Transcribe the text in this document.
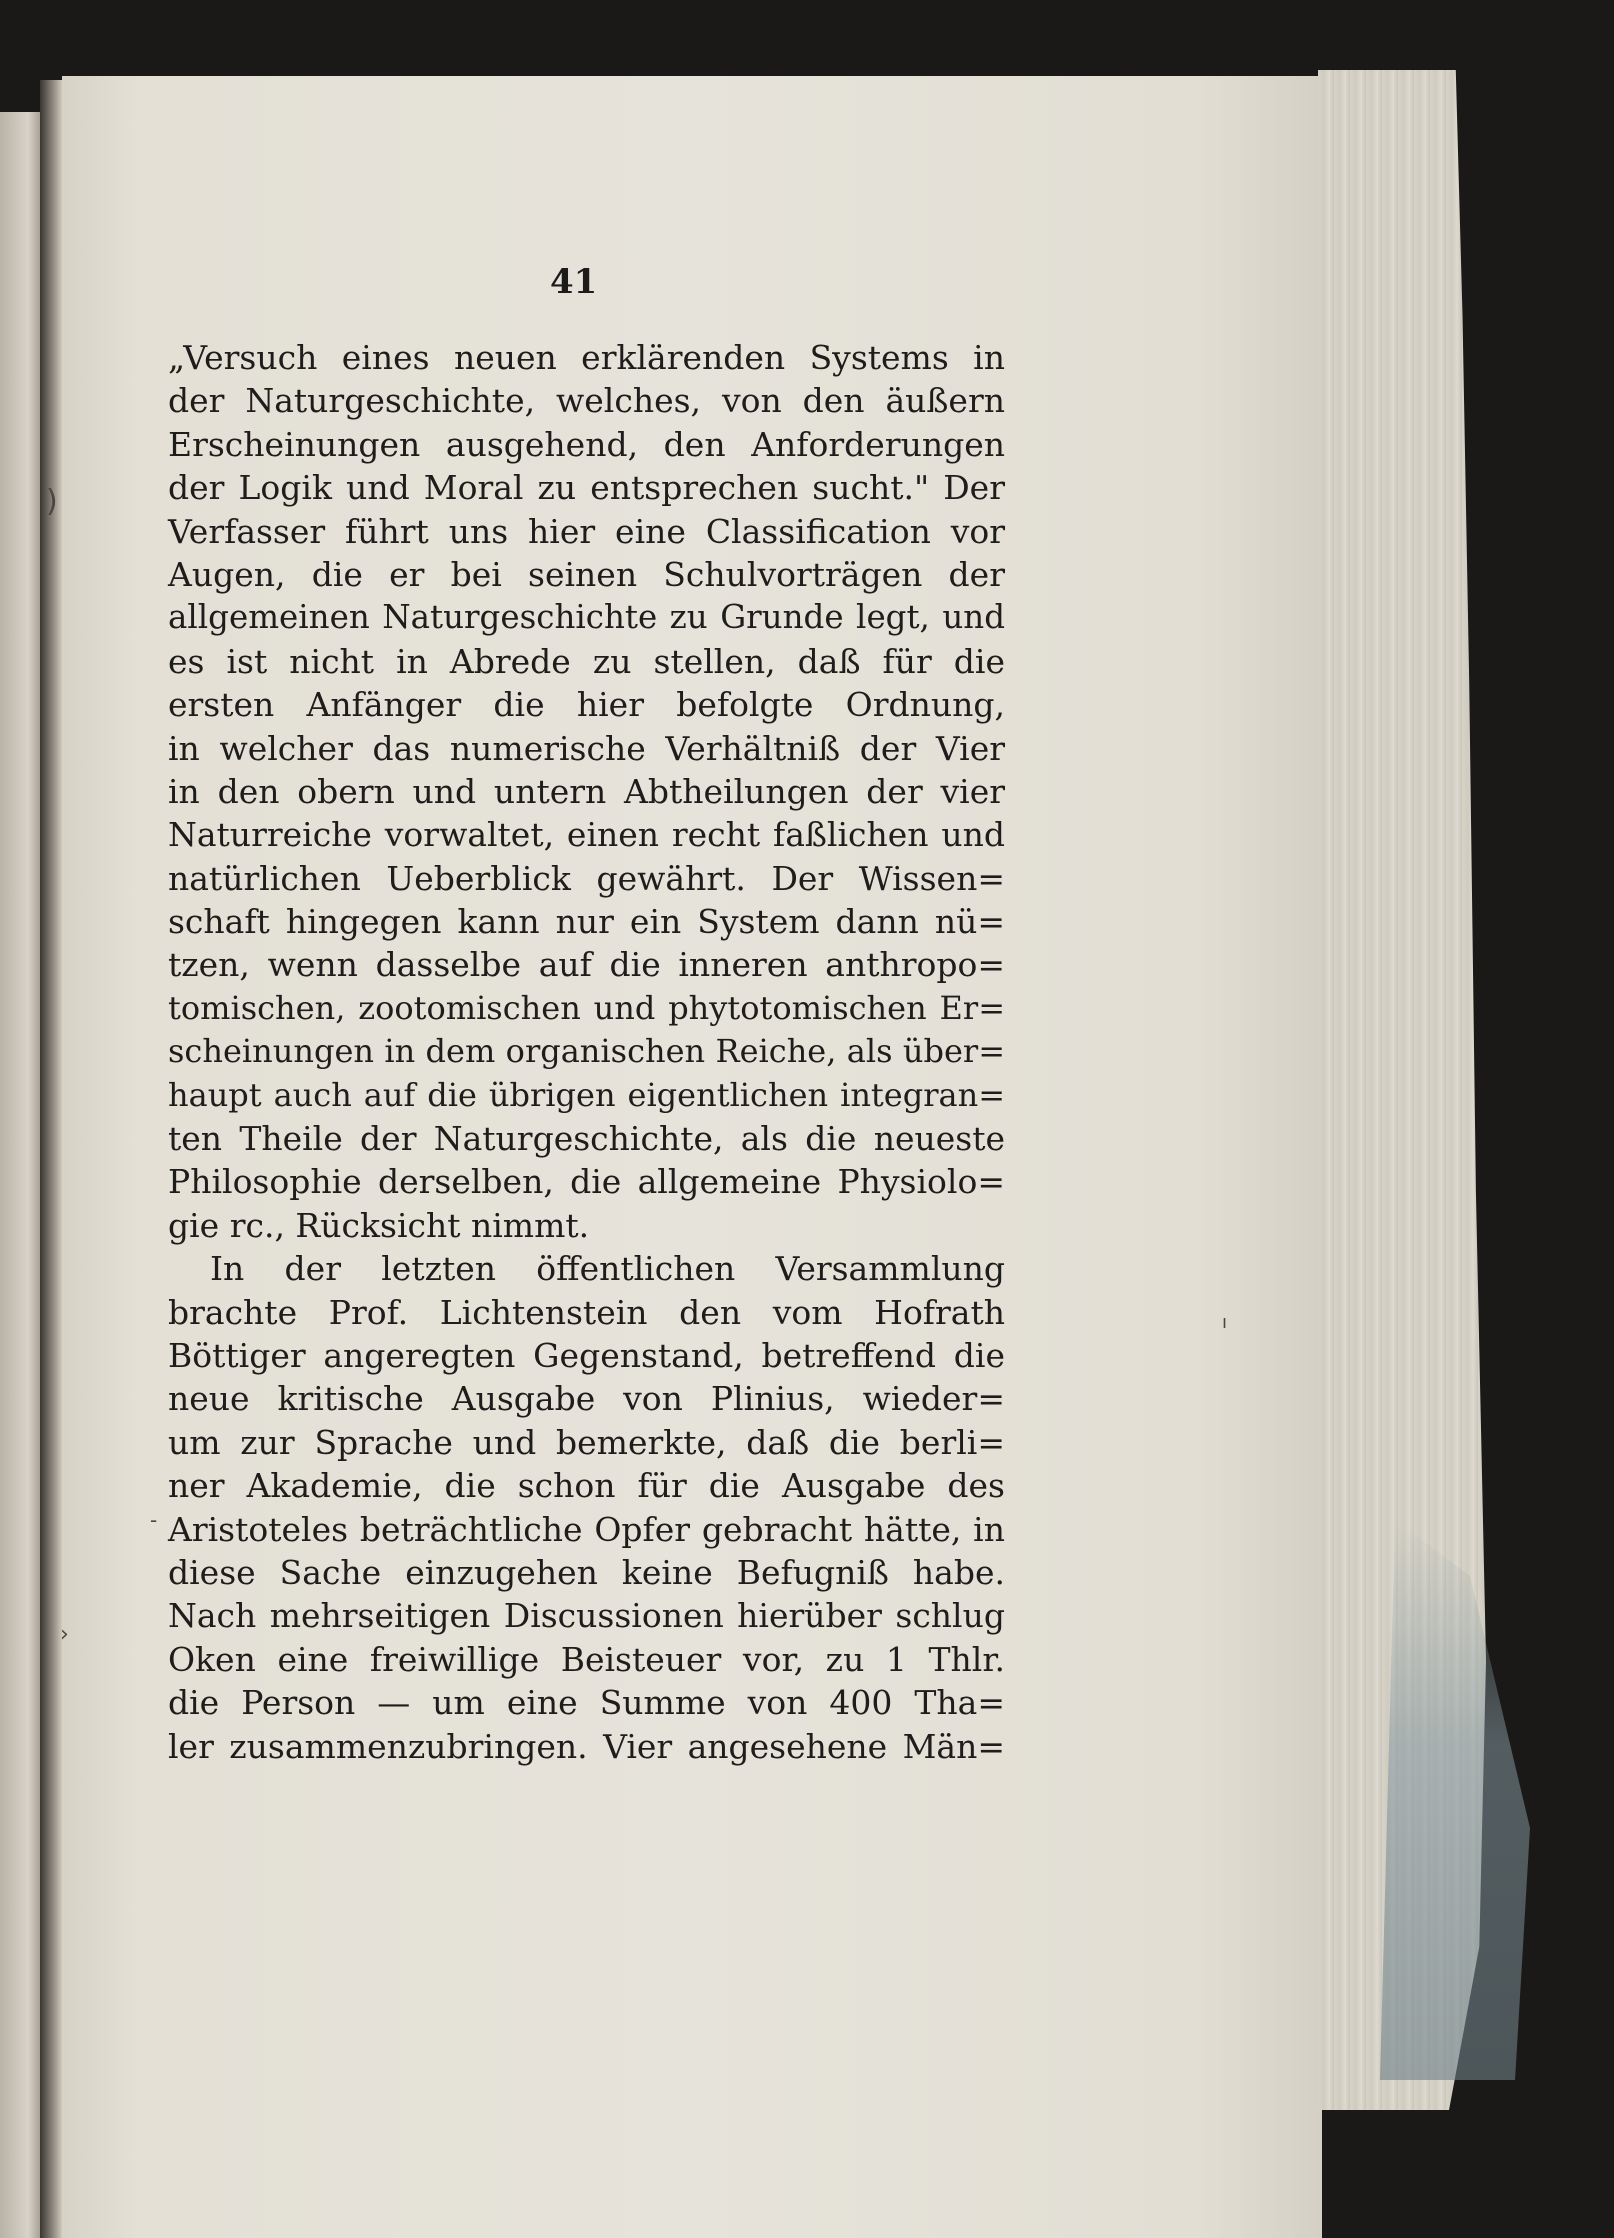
41
„Versuch eines neuen erklärenden Systems in
der Naturgeschichte, welches, von den äußern
Erscheinungen ausgehend, den Anforderungen
der Logik und Moral zu entsprechen sucht." Der
Verfasser führt uns hier eine Classification vor
Augen, die er bei seinen Schulvorträgen der
allgemeinen Naturgeschichte zu Grunde legt, und
es ist nicht in Abrede zu stellen, daß für die
ersten Anfänger die hier befolgte Ordnung,
in welcher das numerische Verhältniß der Vier
in den obern und untern Abtheilungen der vier
Naturreiche vorwaltet, einen recht faßlichen und
natürlichen Ueberblick gewährt. Der Wissen=
schaft hingegen kann nur ein System dann nü=
tzen, wenn dasselbe auf die inneren anthropo=
tomischen, zootomischen und phytotomischen Er=
scheinungen in dem organischen Reiche, als über=
haupt auch auf die übrigen eigentlichen integran=
ten Theile der Naturgeschichte, als die neueste
Philosophie derselben, die allgemeine Physiolo=
gie rc., Rücksicht nimmt.
In der letzten öffentlichen Versammlung
brachte Prof. Lichtenstein den vom Hofrath
Böttiger angeregten Gegenstand, betreffend die
neue kritische Ausgabe von Plinius, wieder=
um zur Sprache und bemerkte, daß die berli=
ner Akademie, die schon für die Ausgabe des
Aristoteles beträchtliche Opfer gebracht hätte, in
diese Sache einzugehen keine Befugniß habe.
Nach mehrseitigen Discussionen hierüber schlug
Oken eine freiwillige Beisteuer vor, zu 1 Thlr.
die Person — um eine Summe von 400 Tha=
ler zusammenzubringen. Vier angesehene Män=
)
-
›
ı
